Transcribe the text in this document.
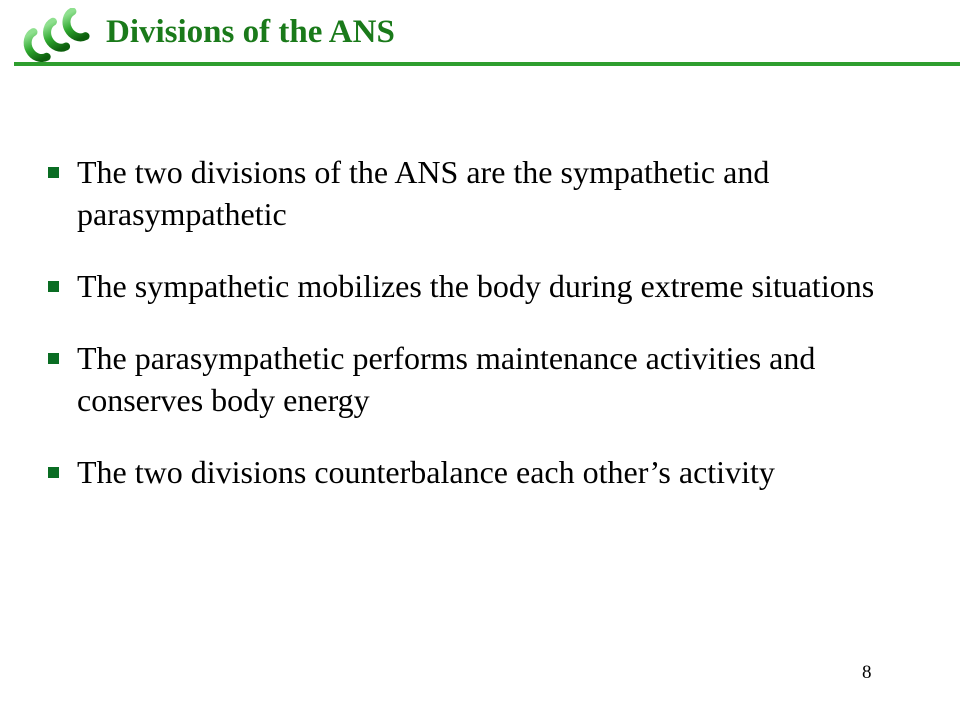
Divisions of the ANS
The two divisions of the ANS are the sympathetic and parasympathetic
The sympathetic mobilizes the body during extreme situations
The parasympathetic performs maintenance activities and conserves body energy
The two divisions counterbalance each other’s activity
8
